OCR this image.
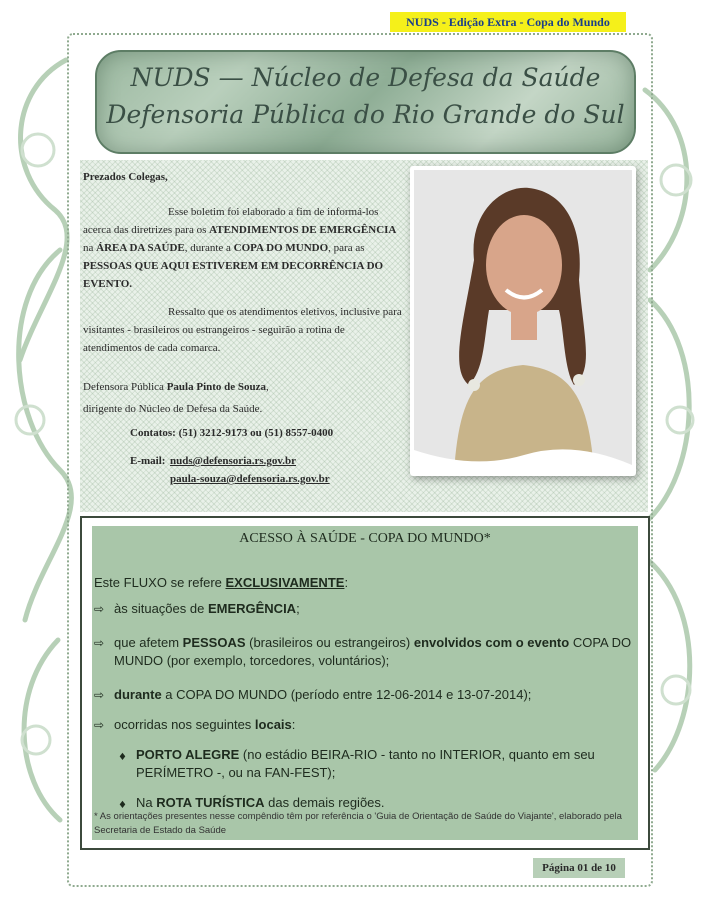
NUDS - Edição Extra - Copa do Mundo
NUDS — Núcleo de Defesa da Saúde
Defensoria Pública do Rio Grande do Sul
Prezados Colegas,
Esse boletim foi elaborado a fim de informá-los acerca das diretrizes para os ATENDIMENTOS DE EMERGÊNCIA na ÁREA DA SAÚDE, durante a COPA DO MUNDO, para as PESSOAS QUE AQUI ESTIVEREM EM DECORRÊNCIA DO EVENTO.
Ressalto que os atendimentos eletivos, inclusive para visitantes - brasileiros ou estrangeiros - seguirão a rotina de atendimentos de cada comarca.
Defensora Pública Paula Pinto de Souza,
dirigente do Núcleo de Defesa da Saúde.
Contatos: (51) 3212-9173 ou (51) 8557-0400
E-mail: nuds@defensoria.rs.gov.br
paula-souza@defensoria.rs.gov.br
ACESSO À SAÚDE - COPA DO MUNDO*
Este FLUXO se refere EXCLUSIVAMENTE:
⇨ às situações de EMERGÊNCIA;
⇨ que afetem PESSOAS (brasileiros ou estrangeiros) envolvidos com o evento COPA DO MUNDO (por exemplo, torcedores, voluntários);
⇨ durante a COPA DO MUNDO (período entre 12-06-2014 e 13-07-2014);
⇨ ocorridas nos seguintes locais:
♦ PORTO ALEGRE (no estádio BEIRA-RIO - tanto no INTERIOR, quanto em seu PERÍMETRO -, ou na FAN-FEST);
♦ Na ROTA TURÍSTICA das demais regiões.
* As orientações presentes nesse compêndio têm por referência o 'Guia de Orientação de Saúde do Viajante', elaborado pela Secretaria de Estado da Saúde
Página 01 de 10
